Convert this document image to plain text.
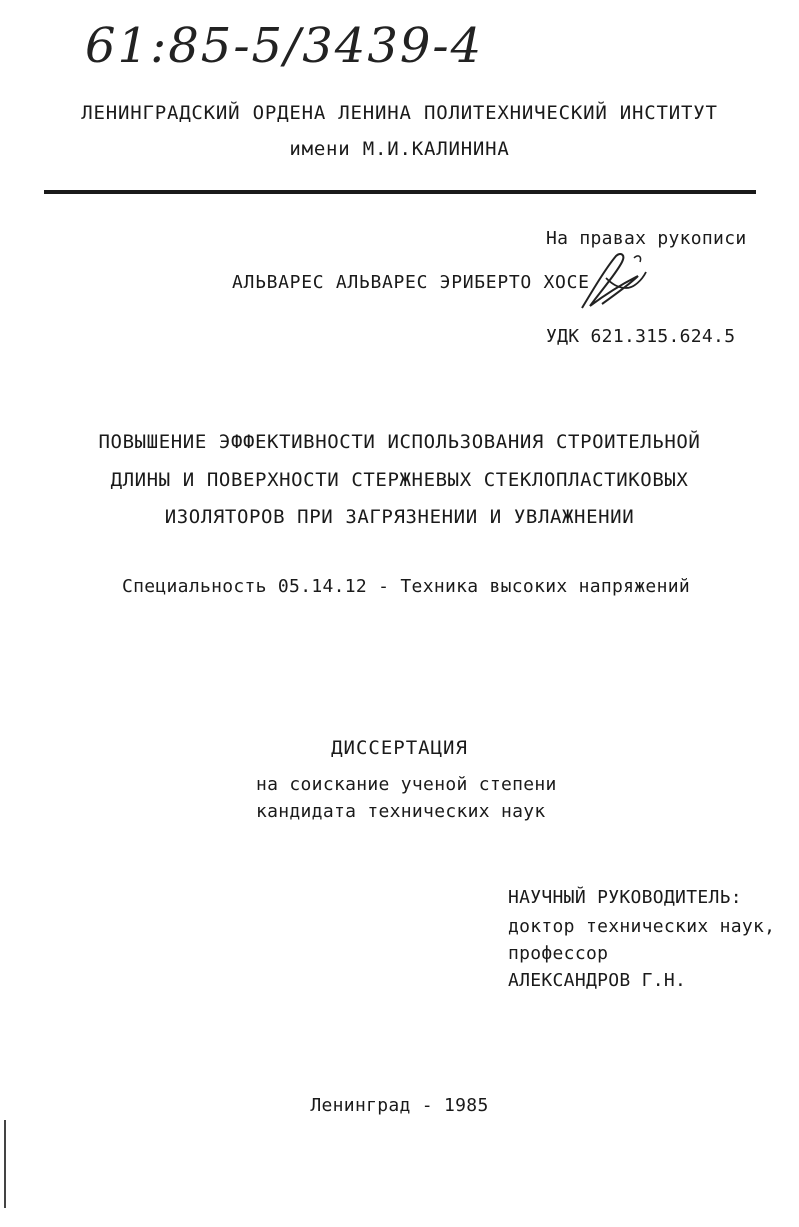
61:85-5/3439-4
ЛЕНИНГРАДСКИЙ ОРДЕНА ЛЕНИНА ПОЛИТЕХНИЧЕСКИЙ ИНСТИТУТ
имени М.И.КАЛИНИНА
На правах рукописи
АЛЬВАРЕС АЛЬВАРЕС ЭРИБЕРТО ХОСЕ
УДК 621.315.624.5
ПОВЫШЕНИЕ ЭФФЕКТИВНОСТИ ИСПОЛЬЗОВАНИЯ СТРОИТЕЛЬНОЙ
ДЛИНЫ И ПОВЕРХНОСТИ СТЕРЖНЕВЫХ СТЕКЛОПЛАСТИКОВЫХ
ИЗОЛЯТОРОВ ПРИ ЗАГРЯЗНЕНИИ И УВЛАЖНЕНИИ
Специальность 05.14.12 - Техника высоких напряжений
ДИССЕРТАЦИЯ
на соискание ученой степени
кандидата технических наук
НАУЧНЫЙ РУКОВОДИТЕЛЬ:
доктор технических наук,
профессор
АЛЕКСАНДРОВ Г.Н.
Ленинград - 1985
